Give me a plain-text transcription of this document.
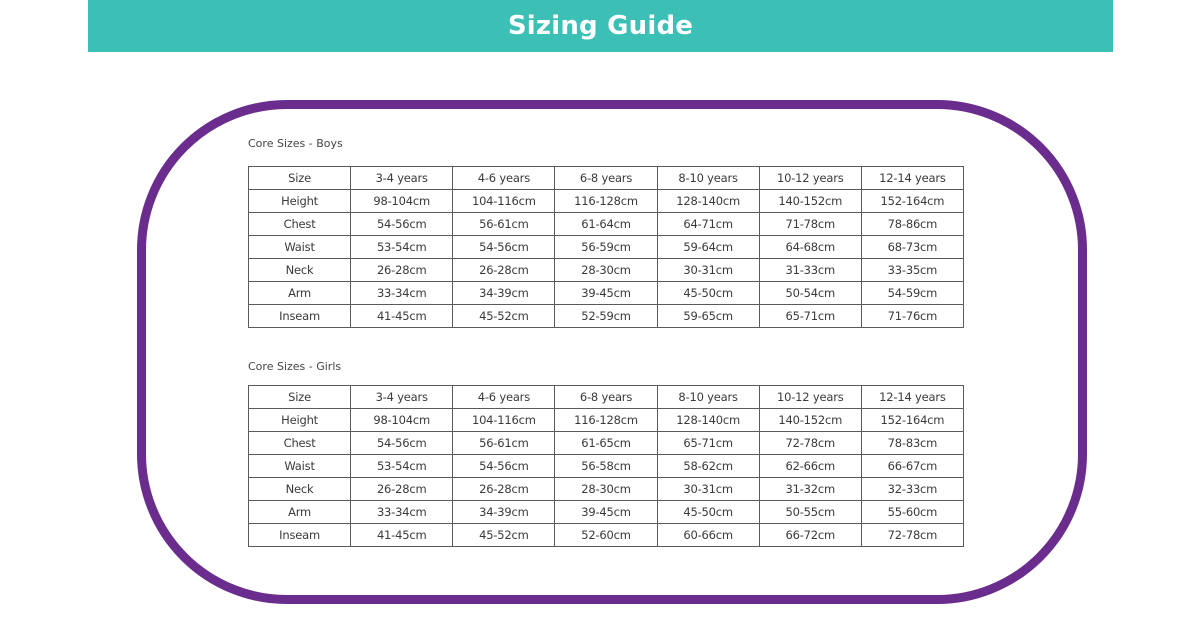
Sizing Guide
Core Sizes - Boys
Size	3-4 years	4-6 years	6-8 years	8-10 years	10-12 years	12-14 years
Height	98-104cm	104-116cm	116-128cm	128-140cm	140-152cm	152-164cm
Chest	54-56cm	56-61cm	61-64cm	64-71cm	71-78cm	78-86cm
Waist	53-54cm	54-56cm	56-59cm	59-64cm	64-68cm	68-73cm
Neck	26-28cm	26-28cm	28-30cm	30-31cm	31-33cm	33-35cm
Arm	33-34cm	34-39cm	39-45cm	45-50cm	50-54cm	54-59cm
Inseam	41-45cm	45-52cm	52-59cm	59-65cm	65-71cm	71-76cm
Core Sizes - Girls
Size	3-4 years	4-6 years	6-8 years	8-10 years	10-12 years	12-14 years
Height	98-104cm	104-116cm	116-128cm	128-140cm	140-152cm	152-164cm
Chest	54-56cm	56-61cm	61-65cm	65-71cm	72-78cm	78-83cm
Waist	53-54cm	54-56cm	56-58cm	58-62cm	62-66cm	66-67cm
Neck	26-28cm	26-28cm	28-30cm	30-31cm	31-32cm	32-33cm
Arm	33-34cm	34-39cm	39-45cm	45-50cm	50-55cm	55-60cm
Inseam	41-45cm	45-52cm	52-60cm	60-66cm	66-72cm	72-78cm
